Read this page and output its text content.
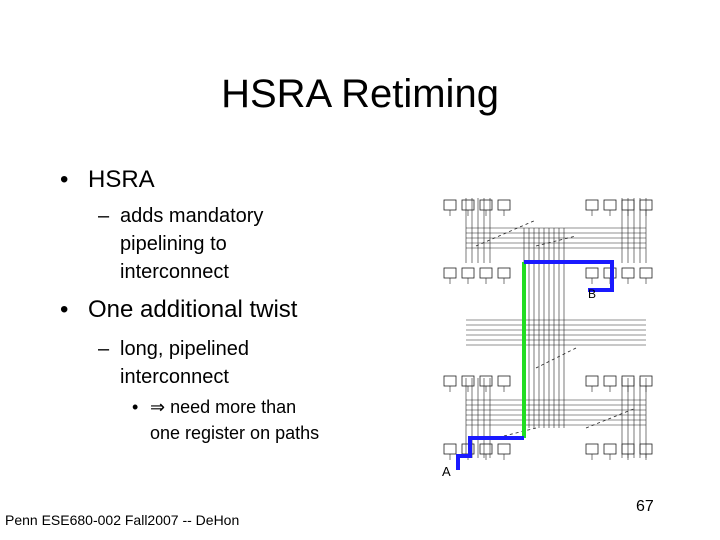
HSRA Retiming
• HSRA
– adds mandatory
pipelining to
interconnect
• One additional twist
– long, pipelined
interconnect
• ⇒ need more than
one register on paths
A
B
Penn ESE680-002 Fall2007 -- DeHon
67
